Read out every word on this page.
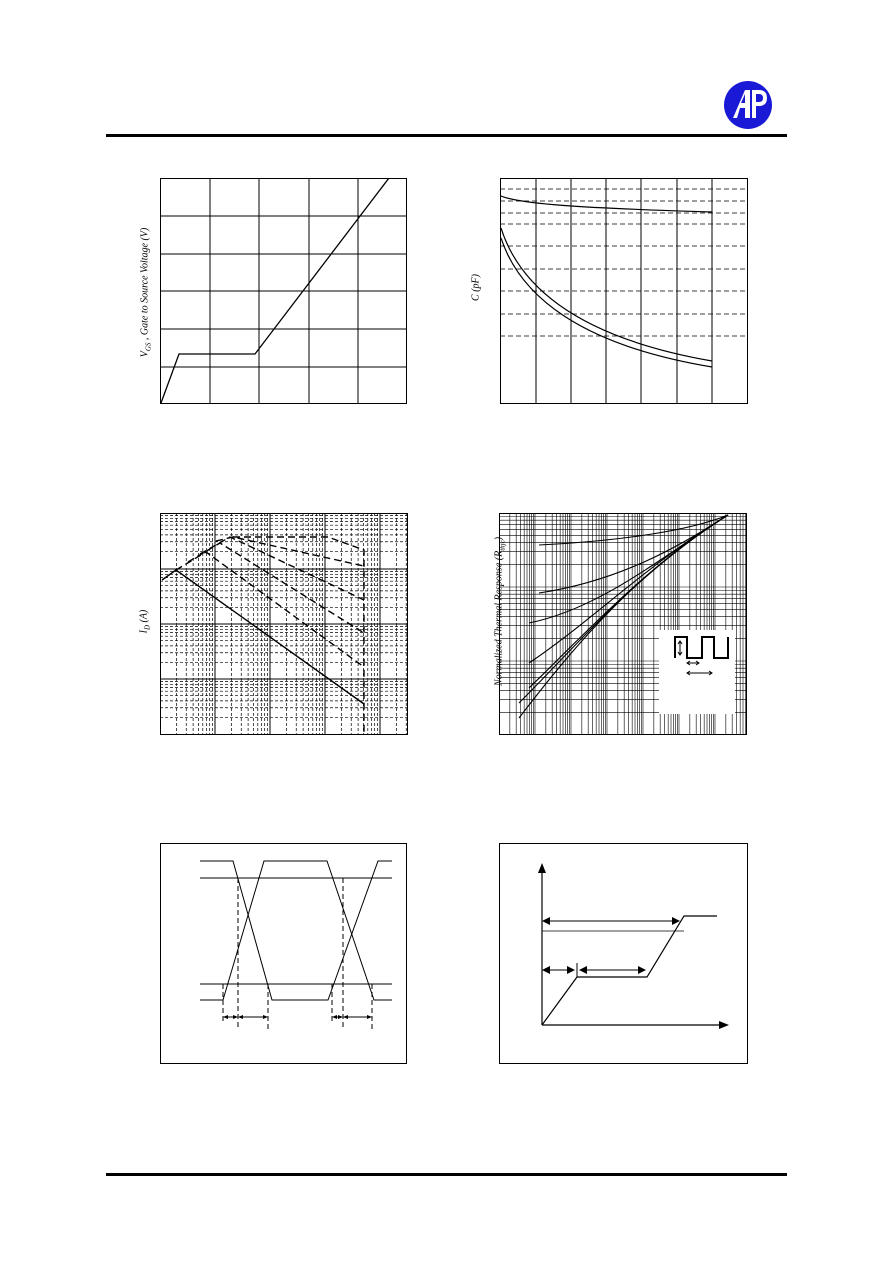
$V_{GS}$ , Gate to Source Voltage (V)	C (pF)
$I_D$ (A)	Normalized Thermal Response $(R_{thjc})$
